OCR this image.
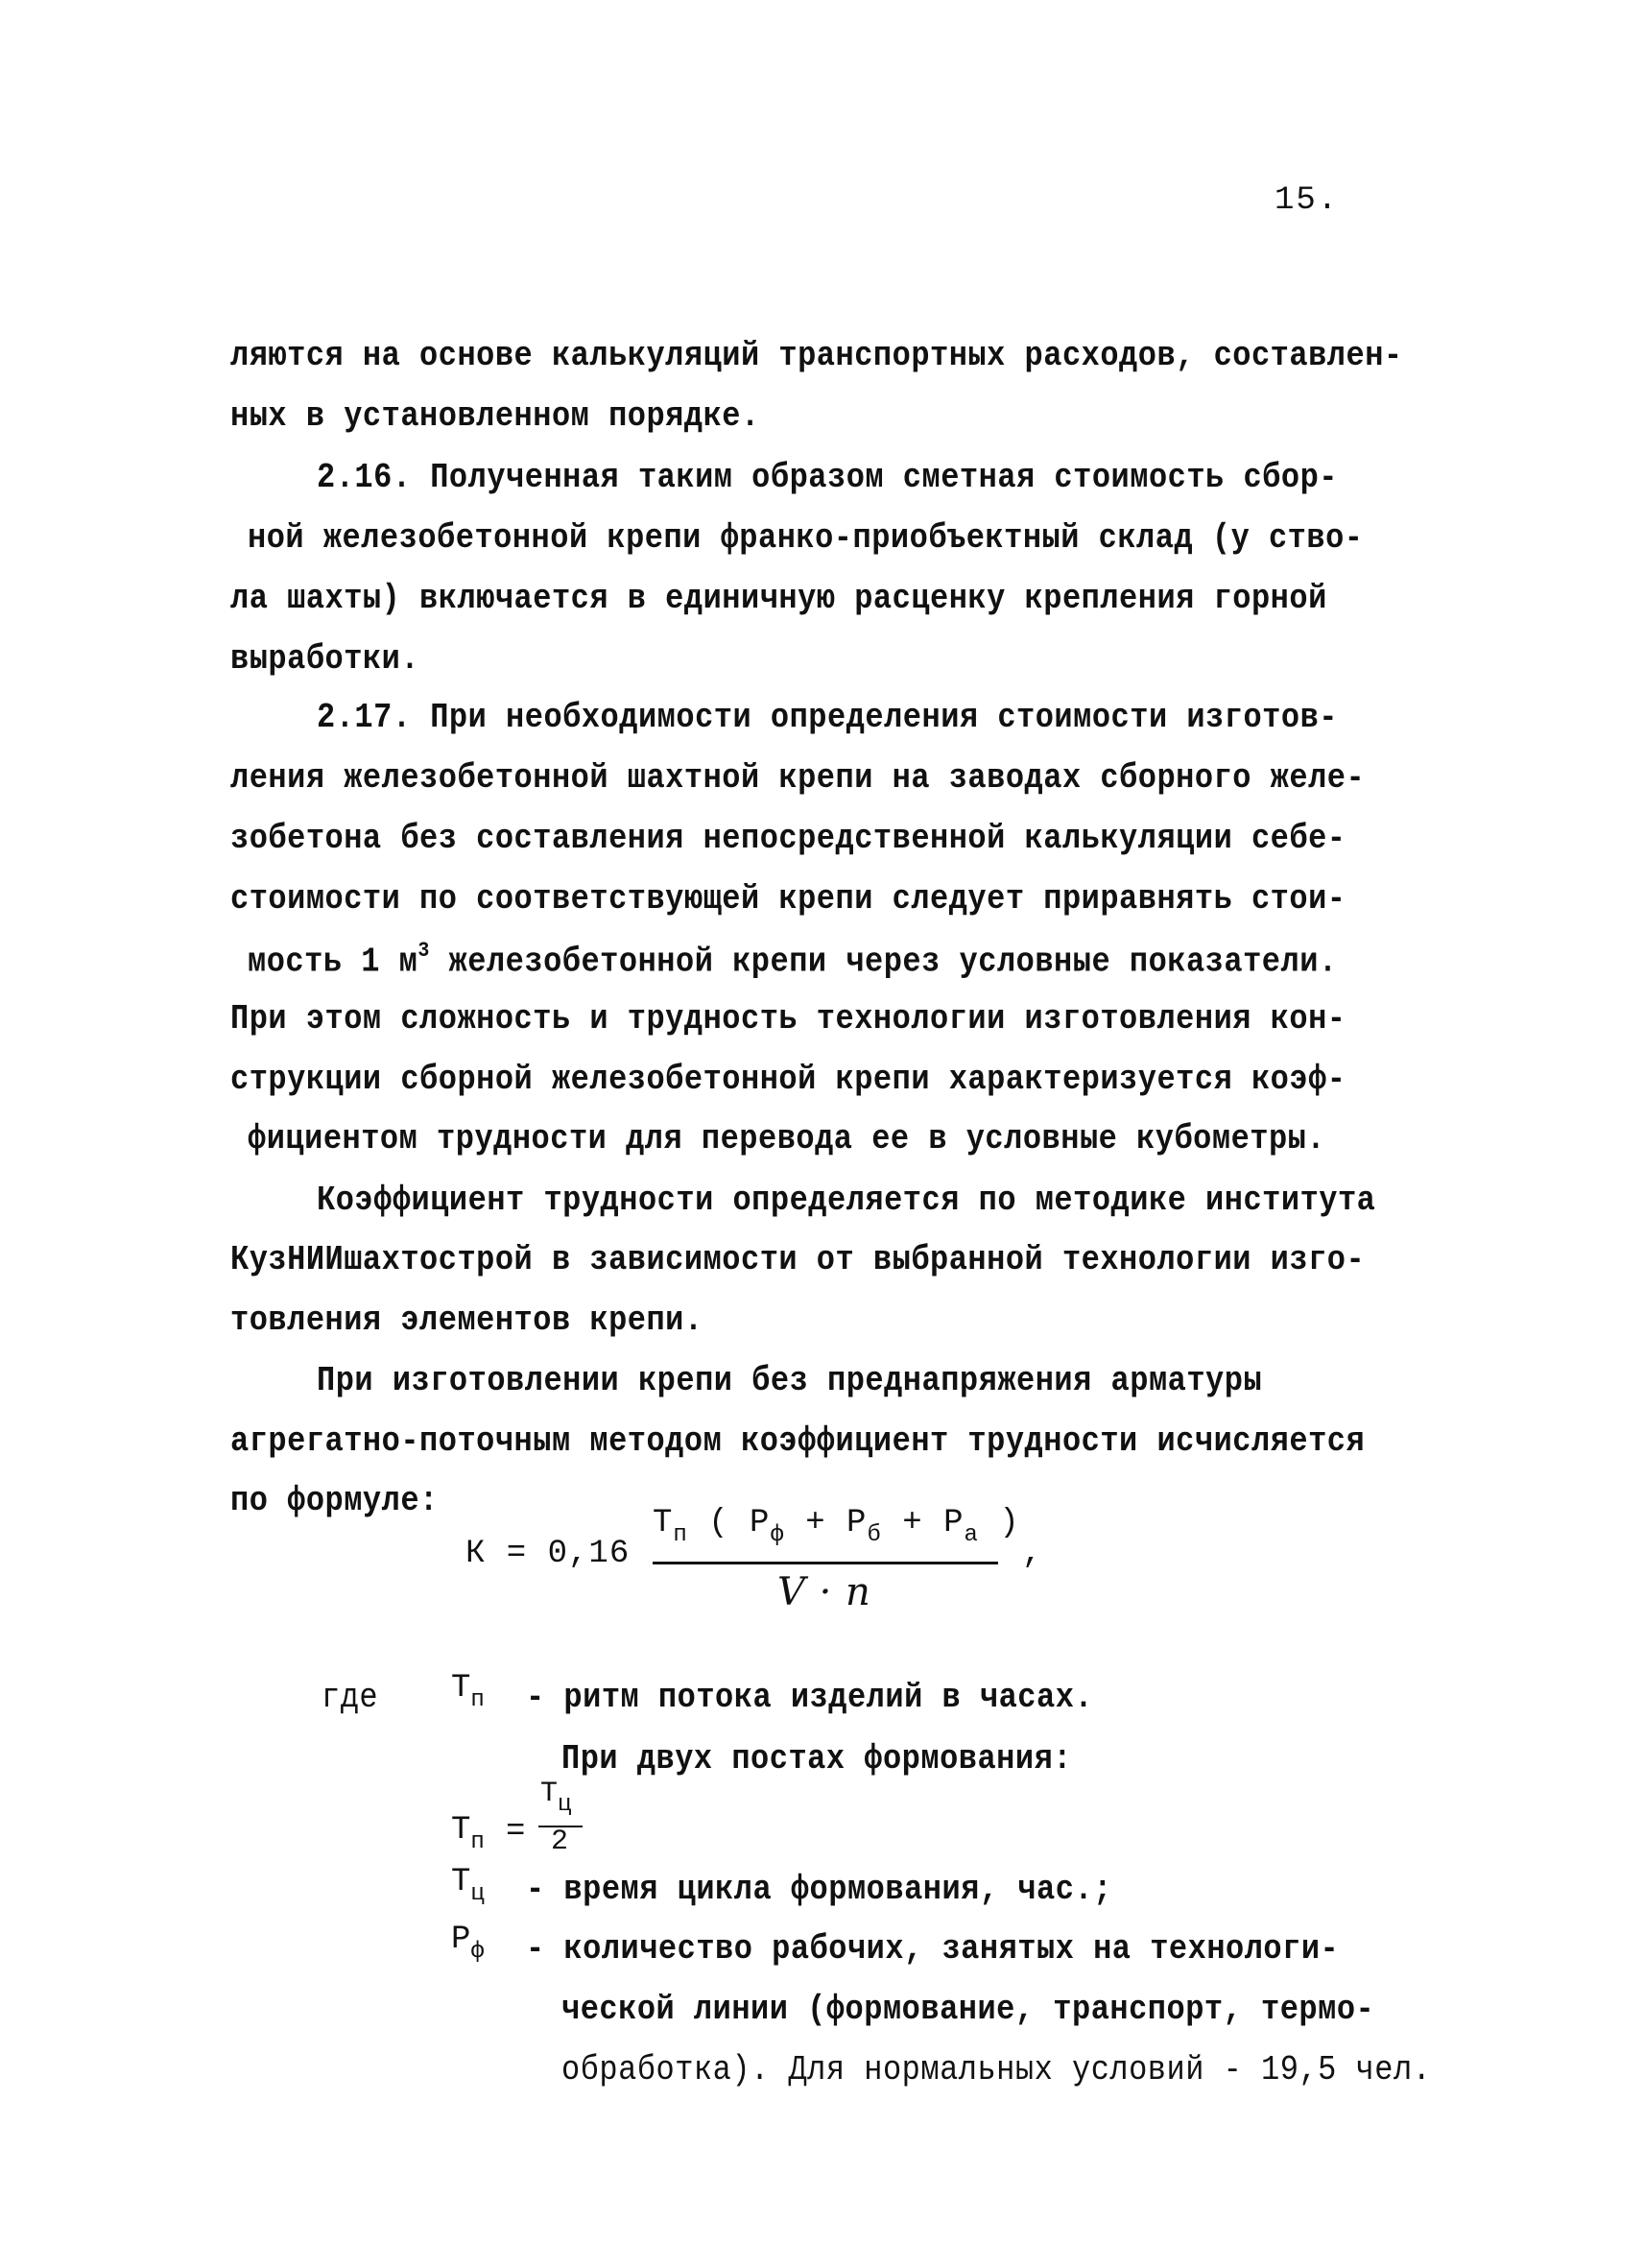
15.
ляются на основе калькуляций транспортных расходов, составлен-
ных в установленном порядке.
2.16. Полученная таким образом сметная стоимость сбор-
ной железобетонной крепи франко-приобъектный склад (у ство-
ла шахты) включается в единичную расценку крепления горной
выработки.
2.17. При необходимости определения стоимости изготов-
ления железобетонной шахтной крепи на заводах сборного желе-
зобетона без составления непосредственной калькуляции себе-
стоимости по соответствующей крепи следует приравнять стои-
мость 1 $м^3$ железобетонной крепи через условные показатели.
При этом сложность и трудность технологии изготовления кон-
струкции сборной железобетонной крепи характеризуется коэф-
фициентом трудности для перевода ее в условные кубометры.
Коэффициент трудности определяется по методике института
КузНИИшахтострой в зависимости от выбранной технологии изго-
товления элементов крепи.
При изготовлении крепи без преднапряжения арматуры
агрегатно-поточным методом коэффициент трудности исчисляется
по формуле:
К = 0,16
$Т_п$ ( $Р_ф + Р_б + Р_а$ )
V · n
,
где $Т_п$ - ритм потока изделий в часах.
При двух постах формования:
$Т_п$ =
$Т_ц$
2
$Т_ц$ - время цикла формования, час.;
$Р_ф$ - количество рабочих, занятых на технологи-
ческой линии (формование, транспорт, термо-
обработка). Для нормальных условий - 19,5 чел.
